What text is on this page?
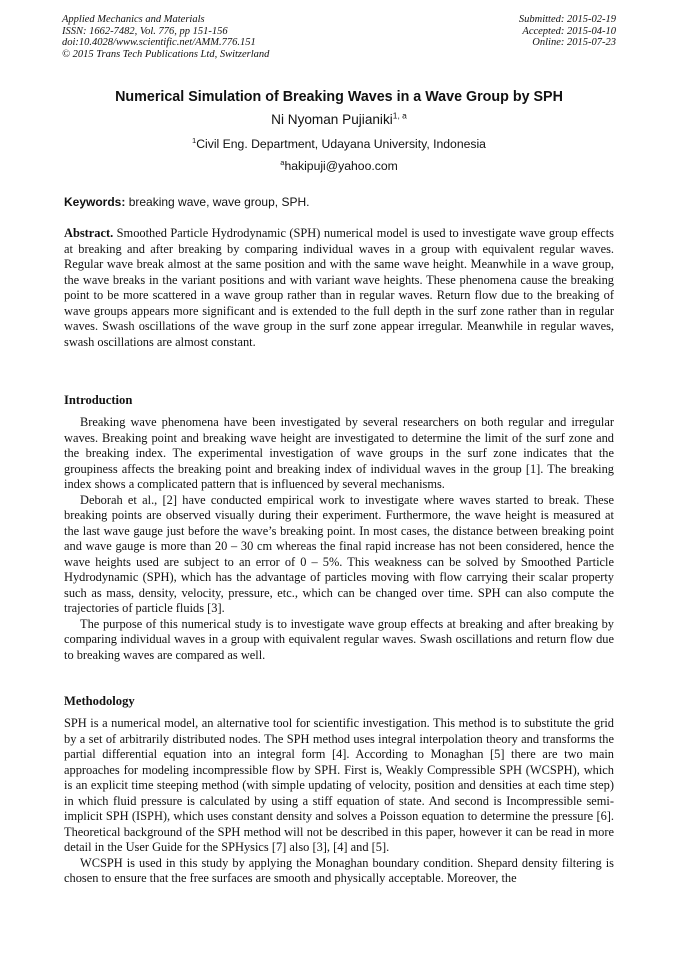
Applied Mechanics and Materials
ISSN: 1662-7482, Vol. 776, pp 151-156
doi:10.4028/www.scientific.net/AMM.776.151
© 2015 Trans Tech Publications Ltd, Switzerland
Submitted: 2015-02-19
Accepted: 2015-04-10
Online: 2015-07-23
Numerical Simulation of Breaking Waves in a Wave Group by SPH
Ni Nyoman Pujianiki$^{1, a}$
$^1$Civil Eng. Department, Udayana University, Indonesia
$^a$hakipuji@yahoo.com
Keywords: breaking wave, wave group, SPH.

Abstract. Smoothed Particle Hydrodynamic (SPH) numerical model is used to investigate wave group effects at breaking and after breaking by comparing individual waves in a group with equivalent regular waves. Regular wave break almost at the same position and with the same wave height. Meanwhile in a wave group, the wave breaks in the variant positions and with variant wave heights. These phenomena cause the breaking point to be more scattered in a wave group rather than in regular waves. Return flow due to the breaking of wave groups appears more significant and is extended to the full depth in the surf zone rather than in regular waves. Swash oscillations of the wave group in the surf zone appear irregular. Meanwhile in regular waves, swash oscillations are almost constant.

Introduction

Breaking wave phenomena have been investigated by several researchers on both regular and irregular waves. Breaking point and breaking wave height are investigated to determine the limit of the surf zone and the breaking index. The experimental investigation of wave groups in the surf zone indicates that the groupiness affects the breaking point and breaking index of individual waves in the group [1]. The breaking index shows a complicated pattern that is influenced by several mechanisms.

Deborah et al., [2] have conducted empirical work to investigate where waves started to break. These breaking points are observed visually during their experiment. Furthermore, the wave height is measured at the last wave gauge just before the wave’s breaking point. In most cases, the distance between breaking point and wave gauge is more than 20 – 30 cm whereas the final rapid increase has not been considered, hence the wave heights used are subject to an error of 0 – 5%. This weakness can be solved by Smoothed Particle Hydrodynamic (SPH), which has the advantage of particles moving with flow carrying their scalar property such as mass, density, velocity, pressure, etc., which can be changed over time. SPH can also compute the trajectories of particle fluids [3].

The purpose of this numerical study is to investigate wave group effects at breaking and after breaking by comparing individual waves in a group with equivalent regular waves. Swash oscillations and return flow due to breaking waves are compared as well.

Methodology

SPH is a numerical model, an alternative tool for scientific investigation. This method is to substitute the grid by a set of arbitrarily distributed nodes. The SPH method uses integral interpolation theory and transforms the partial differential equation into an integral form [4]. According to Monaghan [5] there are two main approaches for modeling incompressible flow by SPH. First is, Weakly Compressible SPH (WCSPH), which is an explicit time steeping method (with simple updating of velocity, position and densities at each time step) in which fluid pressure is calculated by using a stiff equation of state. And second is Incompressible semi-implicit SPH (ISPH), which uses constant density and solves a Poisson equation to determine the pressure [6]. Theoretical background of the SPH method will not be described in this paper, however it can be read in more detail in the User Guide for the SPHysics [7] also [3], [4] and [5].

WCSPH is used in this study by applying the Monaghan boundary condition. Shepard density filtering is chosen to ensure that the free surfaces are smooth and physically acceptable. Moreover, the
